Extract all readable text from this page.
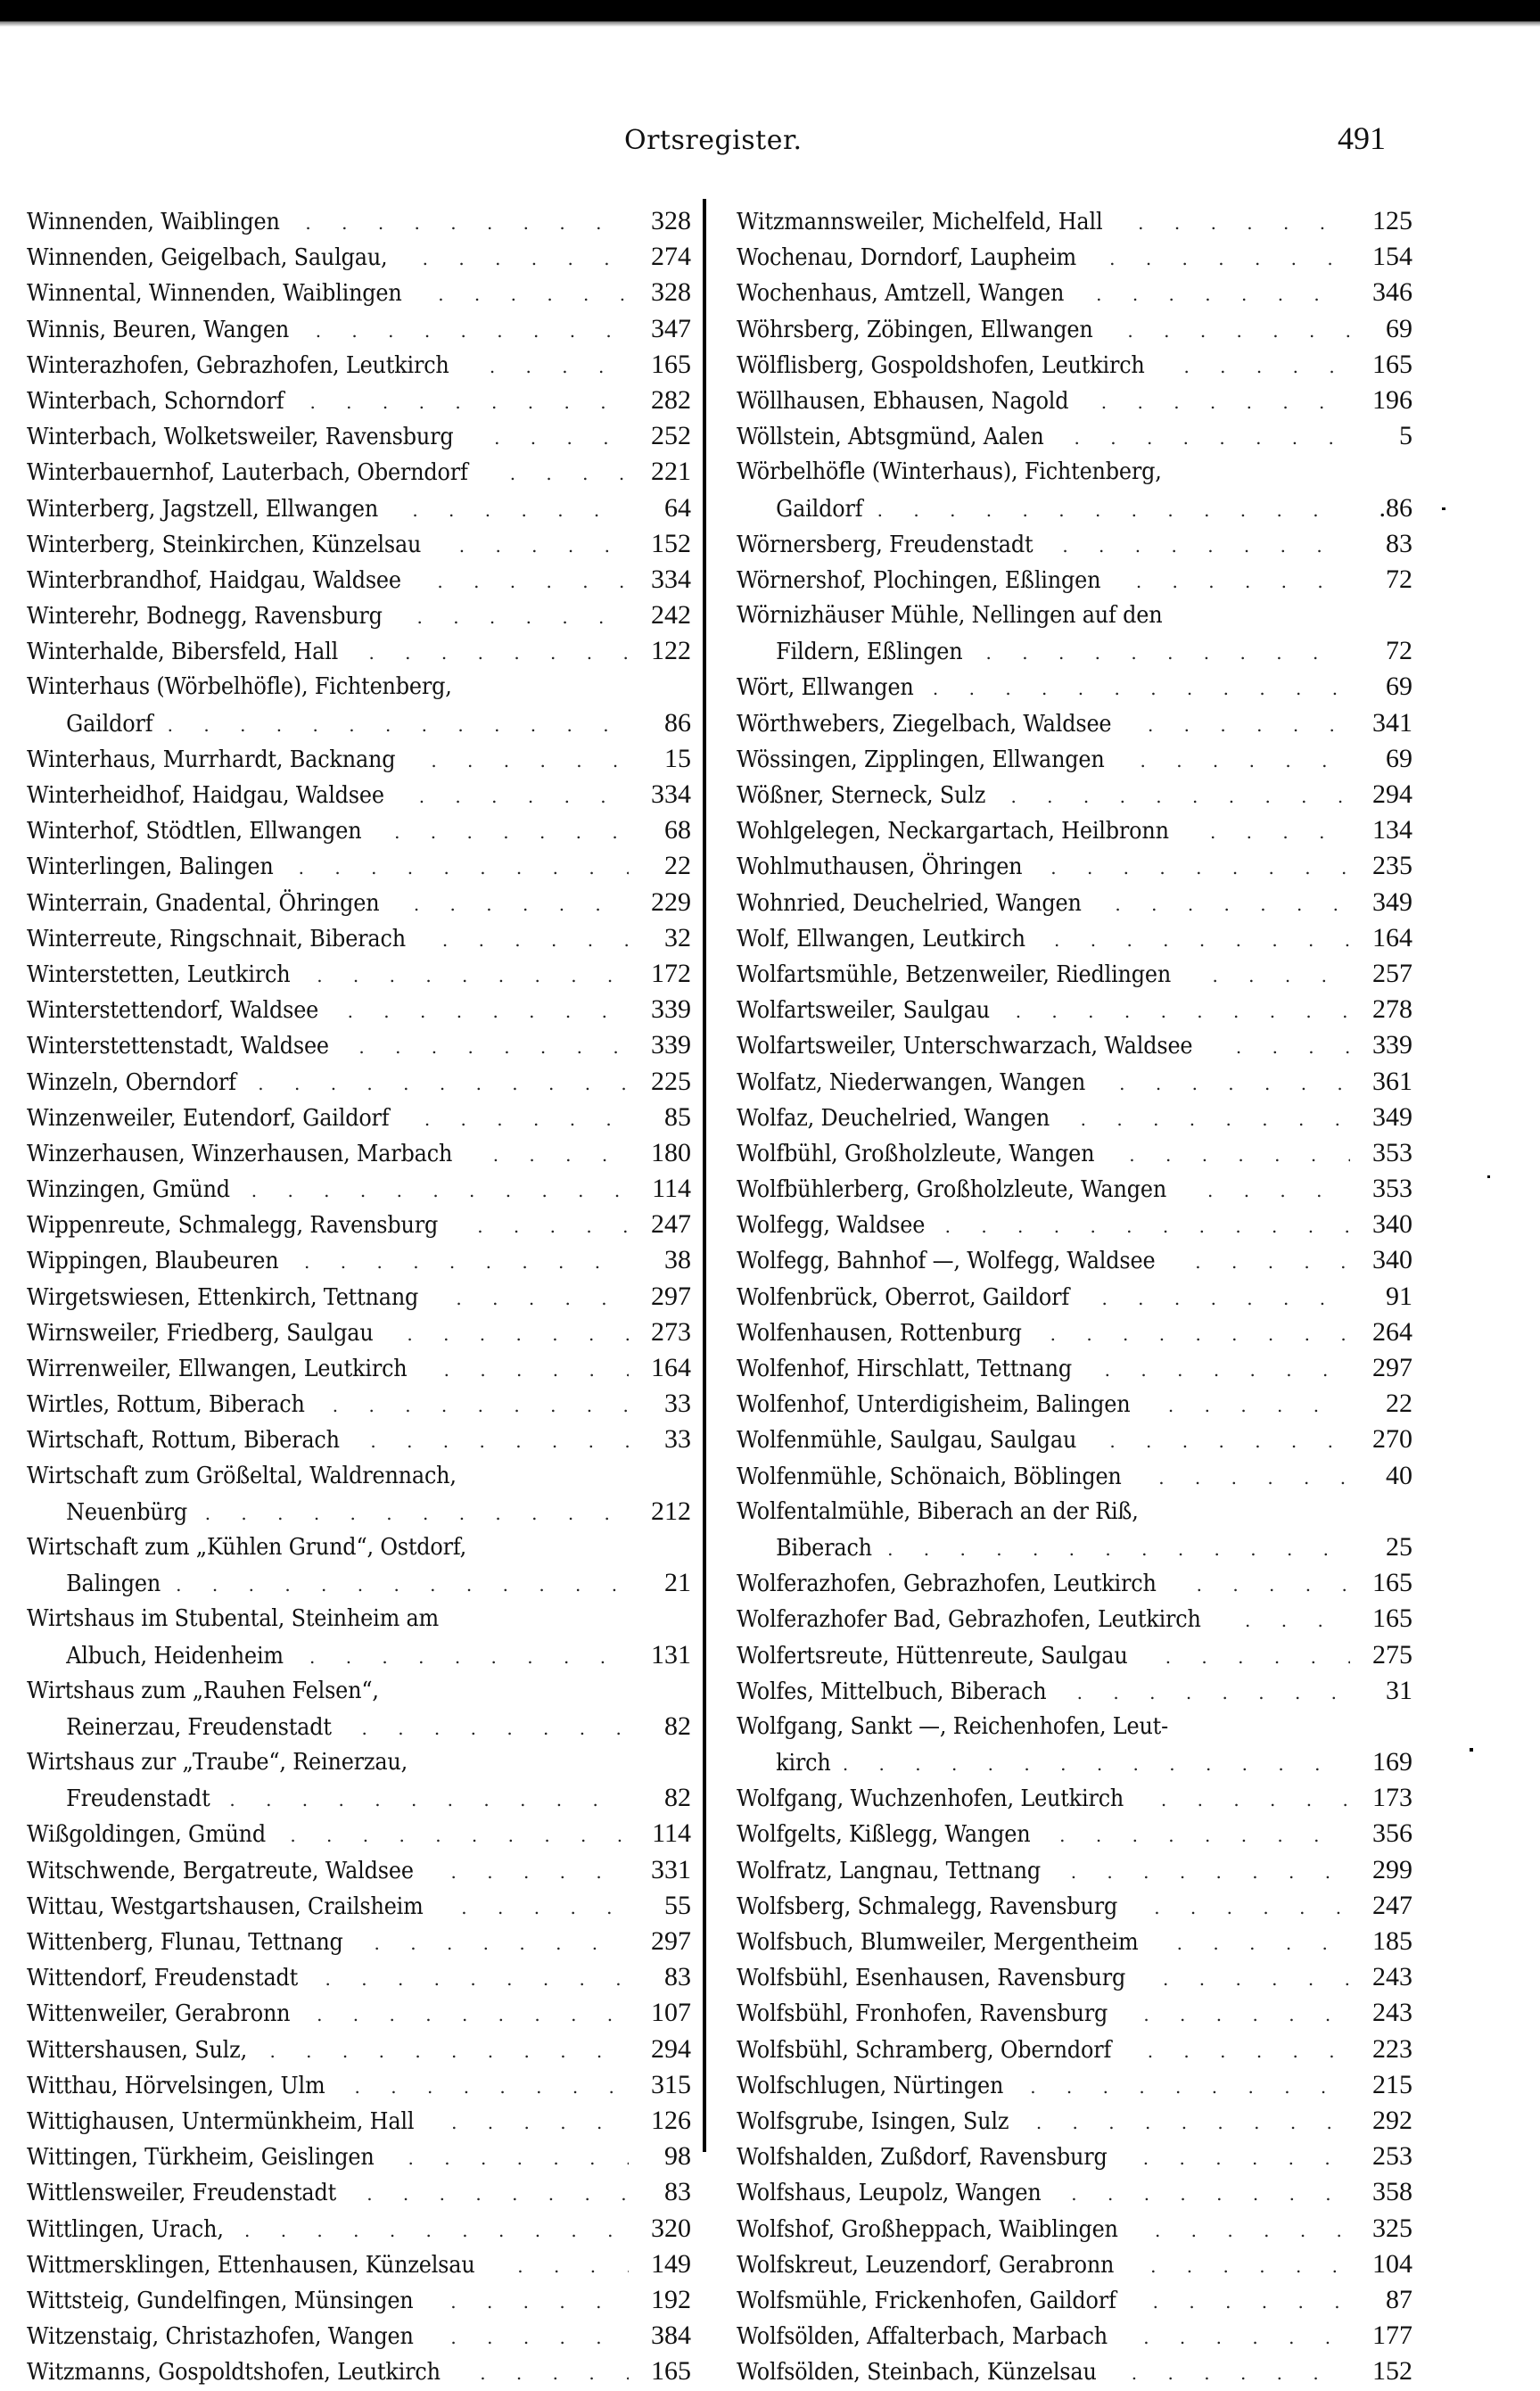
Ortsregister.	491
Winnenden, Waiblingen . . .	328
Winnenden, Geigelbach, Saulgau, . . .	274
Winnental, Winnenden, Waiblingen . . .	328
Winnis, Beuren, Wangen . . .	347
Winterazhofen, Gebrazhofen, Leutkirch . . .	165
Winterbach, Schorndorf . . .	282
Winterbach, Wolketsweiler, Ravensburg . . .	252
Winterbauernhof, Lauterbach, Oberndorf . . .	221
Winterberg, Jagstzell, Ellwangen . . .	64
Winterberg, Steinkirchen, Künzelsau . . .	152
Winterbrandhof, Haidgau, Waldsee . . .	334
Winterehr, Bodnegg, Ravensburg . . .	242
Winterhalde, Bibersfeld, Hall . . .	122
Winterhaus (Wörbelhöfle), Fichtenberg,
Gaildorf . . .	86
Winterhaus, Murrhardt, Backnang . . .	15
Winterheidhof, Haidgau, Waldsee . . .	334
Winterhof, Stödtlen, Ellwangen . . .	68
Winterlingen, Balingen . . .	22
Winterrain, Gnadental, Öhringen . . .	229
Winterreute, Ringschnait, Biberach . . .	32
Winterstetten, Leutkirch . . .	172
Winterstettendorf, Waldsee . . .	339
Winterstettenstadt, Waldsee . . .	339
Winzeln, Oberndorf . . .	225
Winzenweiler, Eutendorf, Gaildorf . . .	85
Winzerhausen, Winzerhausen, Marbach . . .	180
Winzingen, Gmünd . . .	114
Wippenreute, Schmalegg, Ravensburg . . .	247
Wippingen, Blaubeuren . . .	38
Wirgetswiesen, Ettenkirch, Tettnang . . .	297
Wirnsweiler, Friedberg, Saulgau . . .	273
Wirrenweiler, Ellwangen, Leutkirch . . .	164
Wirtles, Rottum, Biberach . . .	33
Wirtschaft, Rottum, Biberach . . .	33
Wirtschaft zum Größeltal, Waldrennach,
Neuenbürg . . .	212
Wirtschaft zum „Kühlen Grund“, Ostdorf,
Balingen . . .	21
Wirtshaus im Stubental, Steinheim am
Albuch, Heidenheim . . .	131
Wirtshaus zum „Rauhen Felsen“,
Reinerzau, Freudenstadt . . .	82
Wirtshaus zur „Traube“, Reinerzau,
Freudenstadt . . .	82
Wißgoldingen, Gmünd . . .	114
Witschwende, Bergatreute, Waldsee . . .	331
Wittau, Westgartshausen, Crailsheim . . .	55
Wittenberg, Flunau, Tettnang . . .	297
Wittendorf, Freudenstadt . . .	83
Wittenweiler, Gerabronn . . .	107
Wittershausen, Sulz, . . .	294
Witthau, Hörvelsingen, Ulm . . .	315
Wittighausen, Untermünkheim, Hall . . .	126
Wittingen, Türkheim, Geislingen . . .	98
Wittlensweiler, Freudenstadt . . .	83
Wittlingen, Urach, . . .	320
Wittmersklingen, Ettenhausen, Künzelsau . . .	149
Wittsteig, Gundelfingen, Münsingen . . .	192
Witzenstaig, Christazhofen, Wangen . . .	384
Witzmanns, Gospoldtshofen, Leutkirch . . .	165
Witzmannsweiler, Michelfeld, Hall . . .	125
Wochenau, Dorndorf, Laupheim . . .	154
Wochenhaus, Amtzell, Wangen . . .	346
Wöhrsberg, Zöbingen, Ellwangen . . .	69
Wölflisberg, Gospoldshofen, Leutkirch . . .	165
Wöllhausen, Ebhausen, Nagold . . .	196
Wöllstein, Abtsgmünd, Aalen . . .	5
Wörbelhöfle (Winterhaus), Fichtenberg,
Gaildorf . . .	.86
Wörnersberg, Freudenstadt . . .	83
Wörnershof, Plochingen, Eßlingen . . .	72
Wörnizhäuser Mühle, Nellingen auf den
Fildern, Eßlingen . . .	72
Wört, Ellwangen . . .	69
Wörthwebers, Ziegelbach, Waldsee . . .	341
Wössingen, Zipplingen, Ellwangen . . .	69
Wößner, Sterneck, Sulz . . .	294
Wohlgelegen, Neckargartach, Heilbronn . . .	134
Wohlmuthausen, Öhringen . . .	235
Wohnried, Deuchelried, Wangen . . .	349
Wolf, Ellwangen, Leutkirch . . .	164
Wolfartsmühle, Betzenweiler, Riedlingen . . .	257
Wolfartsweiler, Saulgau . . .	278
Wolfartsweiler, Unterschwarzach, Waldsee . . .	339
Wolfatz, Niederwangen, Wangen . . .	361
Wolfaz, Deuchelried, Wangen . . .	349
Wolfbühl, Großholzleute, Wangen . . .	353
Wolfbühlerberg, Großholzleute, Wangen . . .	353
Wolfegg, Waldsee . . .	340
Wolfegg, Bahnhof —, Wolfegg, Waldsee . . .	340
Wolfenbrück, Oberrot, Gaildorf . . .	91
Wolfenhausen, Rottenburg . . .	264
Wolfenhof, Hirschlatt, Tettnang . . .	297
Wolfenhof, Unterdigisheim, Balingen . . .	22
Wolfenmühle, Saulgau, Saulgau . . .	270
Wolfenmühle, Schönaich, Böblingen . . .	40
Wolfentalmühle, Biberach an der Riß,
Biberach . . .	25
Wolferazhofen, Gebrazhofen, Leutkirch . . .	165
Wolferazhofer Bad, Gebrazhofen, Leutkirch . . .	165
Wolfertsreute, Hüttenreute, Saulgau . . .	275
Wolfes, Mittelbuch, Biberach . . .	31
Wolfgang, Sankt —, Reichenhofen, Leut-
kirch . . .	169
Wolfgang, Wuchzenhofen, Leutkirch . . .	173
Wolfgelts, Kißlegg, Wangen . . .	356
Wolfratz, Langnau, Tettnang . . .	299
Wolfsberg, Schmalegg, Ravensburg . . .	247
Wolfsbuch, Blumweiler, Mergentheim . . .	185
Wolfsbühl, Esenhausen, Ravensburg . . .	243
Wolfsbühl, Fronhofen, Ravensburg . . .	243
Wolfsbühl, Schramberg, Oberndorf . . .	223
Wolfschlugen, Nürtingen . . .	215
Wolfsgrube, Isingen, Sulz . . .	292
Wolfshalden, Zußdorf, Ravensburg . . .	253
Wolfshaus, Leupolz, Wangen . . .	358
Wolfshof, Großheppach, Waiblingen . . .	325
Wolfskreut, Leuzendorf, Gerabronn . . .	104
Wolfsmühle, Frickenhofen, Gaildorf . . .	87
Wolfsölden, Affalterbach, Marbach . . .	177
Wolfsölden, Steinbach, Künzelsau . . .	152
